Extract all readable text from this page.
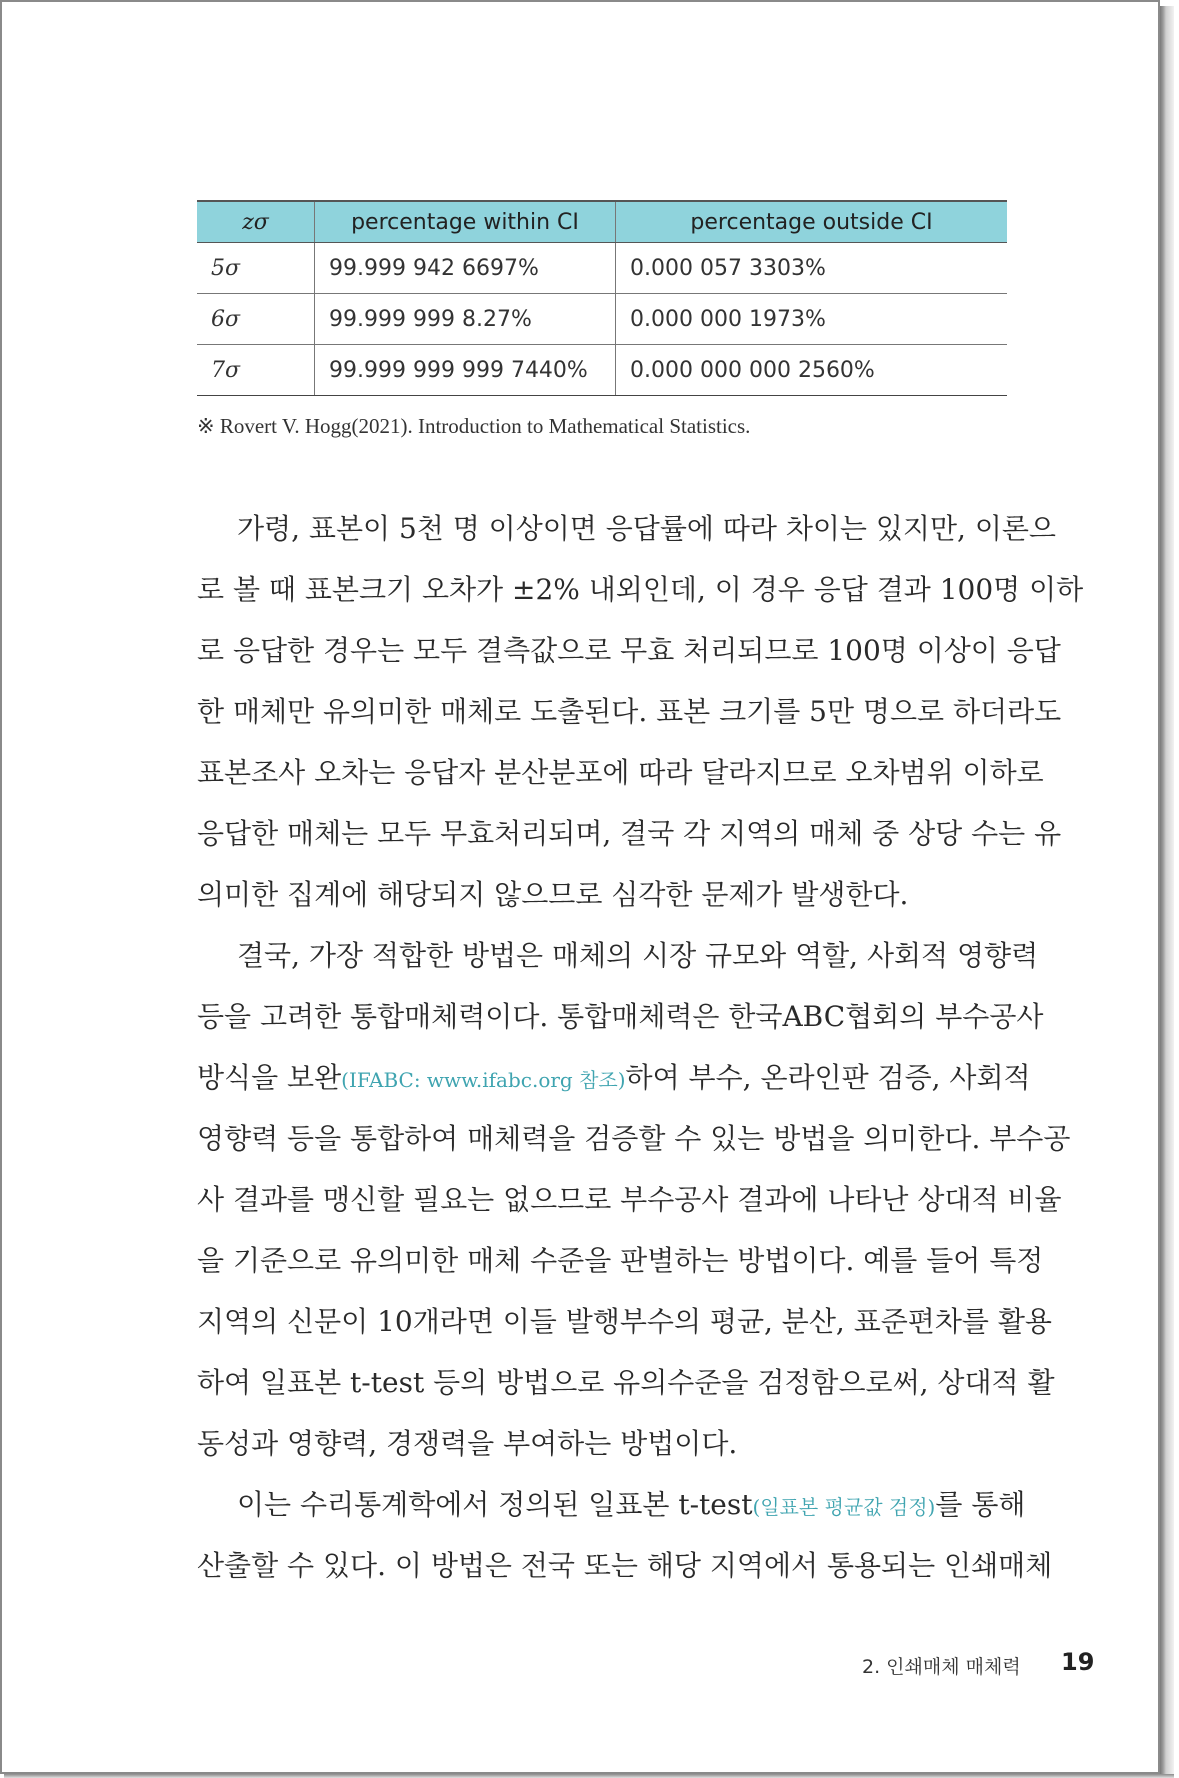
zσ	percentage within CI	percentage outside CI
5σ	99.999 942 6697%	0.000 057 3303%
6σ	99.999 999 8.27%	0.000 000 1973%
7σ	99.999 999 999 7440%	0.000 000 000 2560%
※ Rovert V. Hogg(2021). Introduction to Mathematical Statistics.
가령, 표본이 5천 명 이상이면 응답률에 따라 차이는 있지만, 이론으
로 볼 때 표본크기 오차가 ±2% 내외인데, 이 경우 응답 결과 100명 이하
로 응답한 경우는 모두 결측값으로 무효 처리되므로 100명 이상이 응답
한 매체만 유의미한 매체로 도출된다. 표본 크기를 5만 명으로 하더라도
표본조사 오차는 응답자 분산분포에 따라 달라지므로 오차범위 이하로
응답한 매체는 모두 무효처리되며, 결국 각 지역의 매체 중 상당 수는 유
의미한 집계에 해당되지 않으므로 심각한 문제가 발생한다.
결국, 가장 적합한 방법은 매체의 시장 규모와 역할, 사회적 영향력
등을 고려한 통합매체력이다. 통합매체력은 한국ABC협회의 부수공사
방식을 보완(IFABC: www.ifabc.org 참조)하여 부수, 온라인판 검증, 사회적
영향력 등을 통합하여 매체력을 검증할 수 있는 방법을 의미한다. 부수공
사 결과를 맹신할 필요는 없으므로 부수공사 결과에 나타난 상대적 비율
을 기준으로 유의미한 매체 수준을 판별하는 방법이다. 예를 들어 특정
지역의 신문이 10개라면 이들 발행부수의 평균, 분산, 표준편차를 활용
하여 일표본 t-test 등의 방법으로 유의수준을 검정함으로써, 상대적 활
동성과 영향력, 경쟁력을 부여하는 방법이다.
이는 수리통계학에서 정의된 일표본 t-test(일표본 평균값 검정)를 통해
산출할 수 있다. 이 방법은 전국 또는 해당 지역에서 통용되는 인쇄매체
2. 인쇄매체 매체력 19
